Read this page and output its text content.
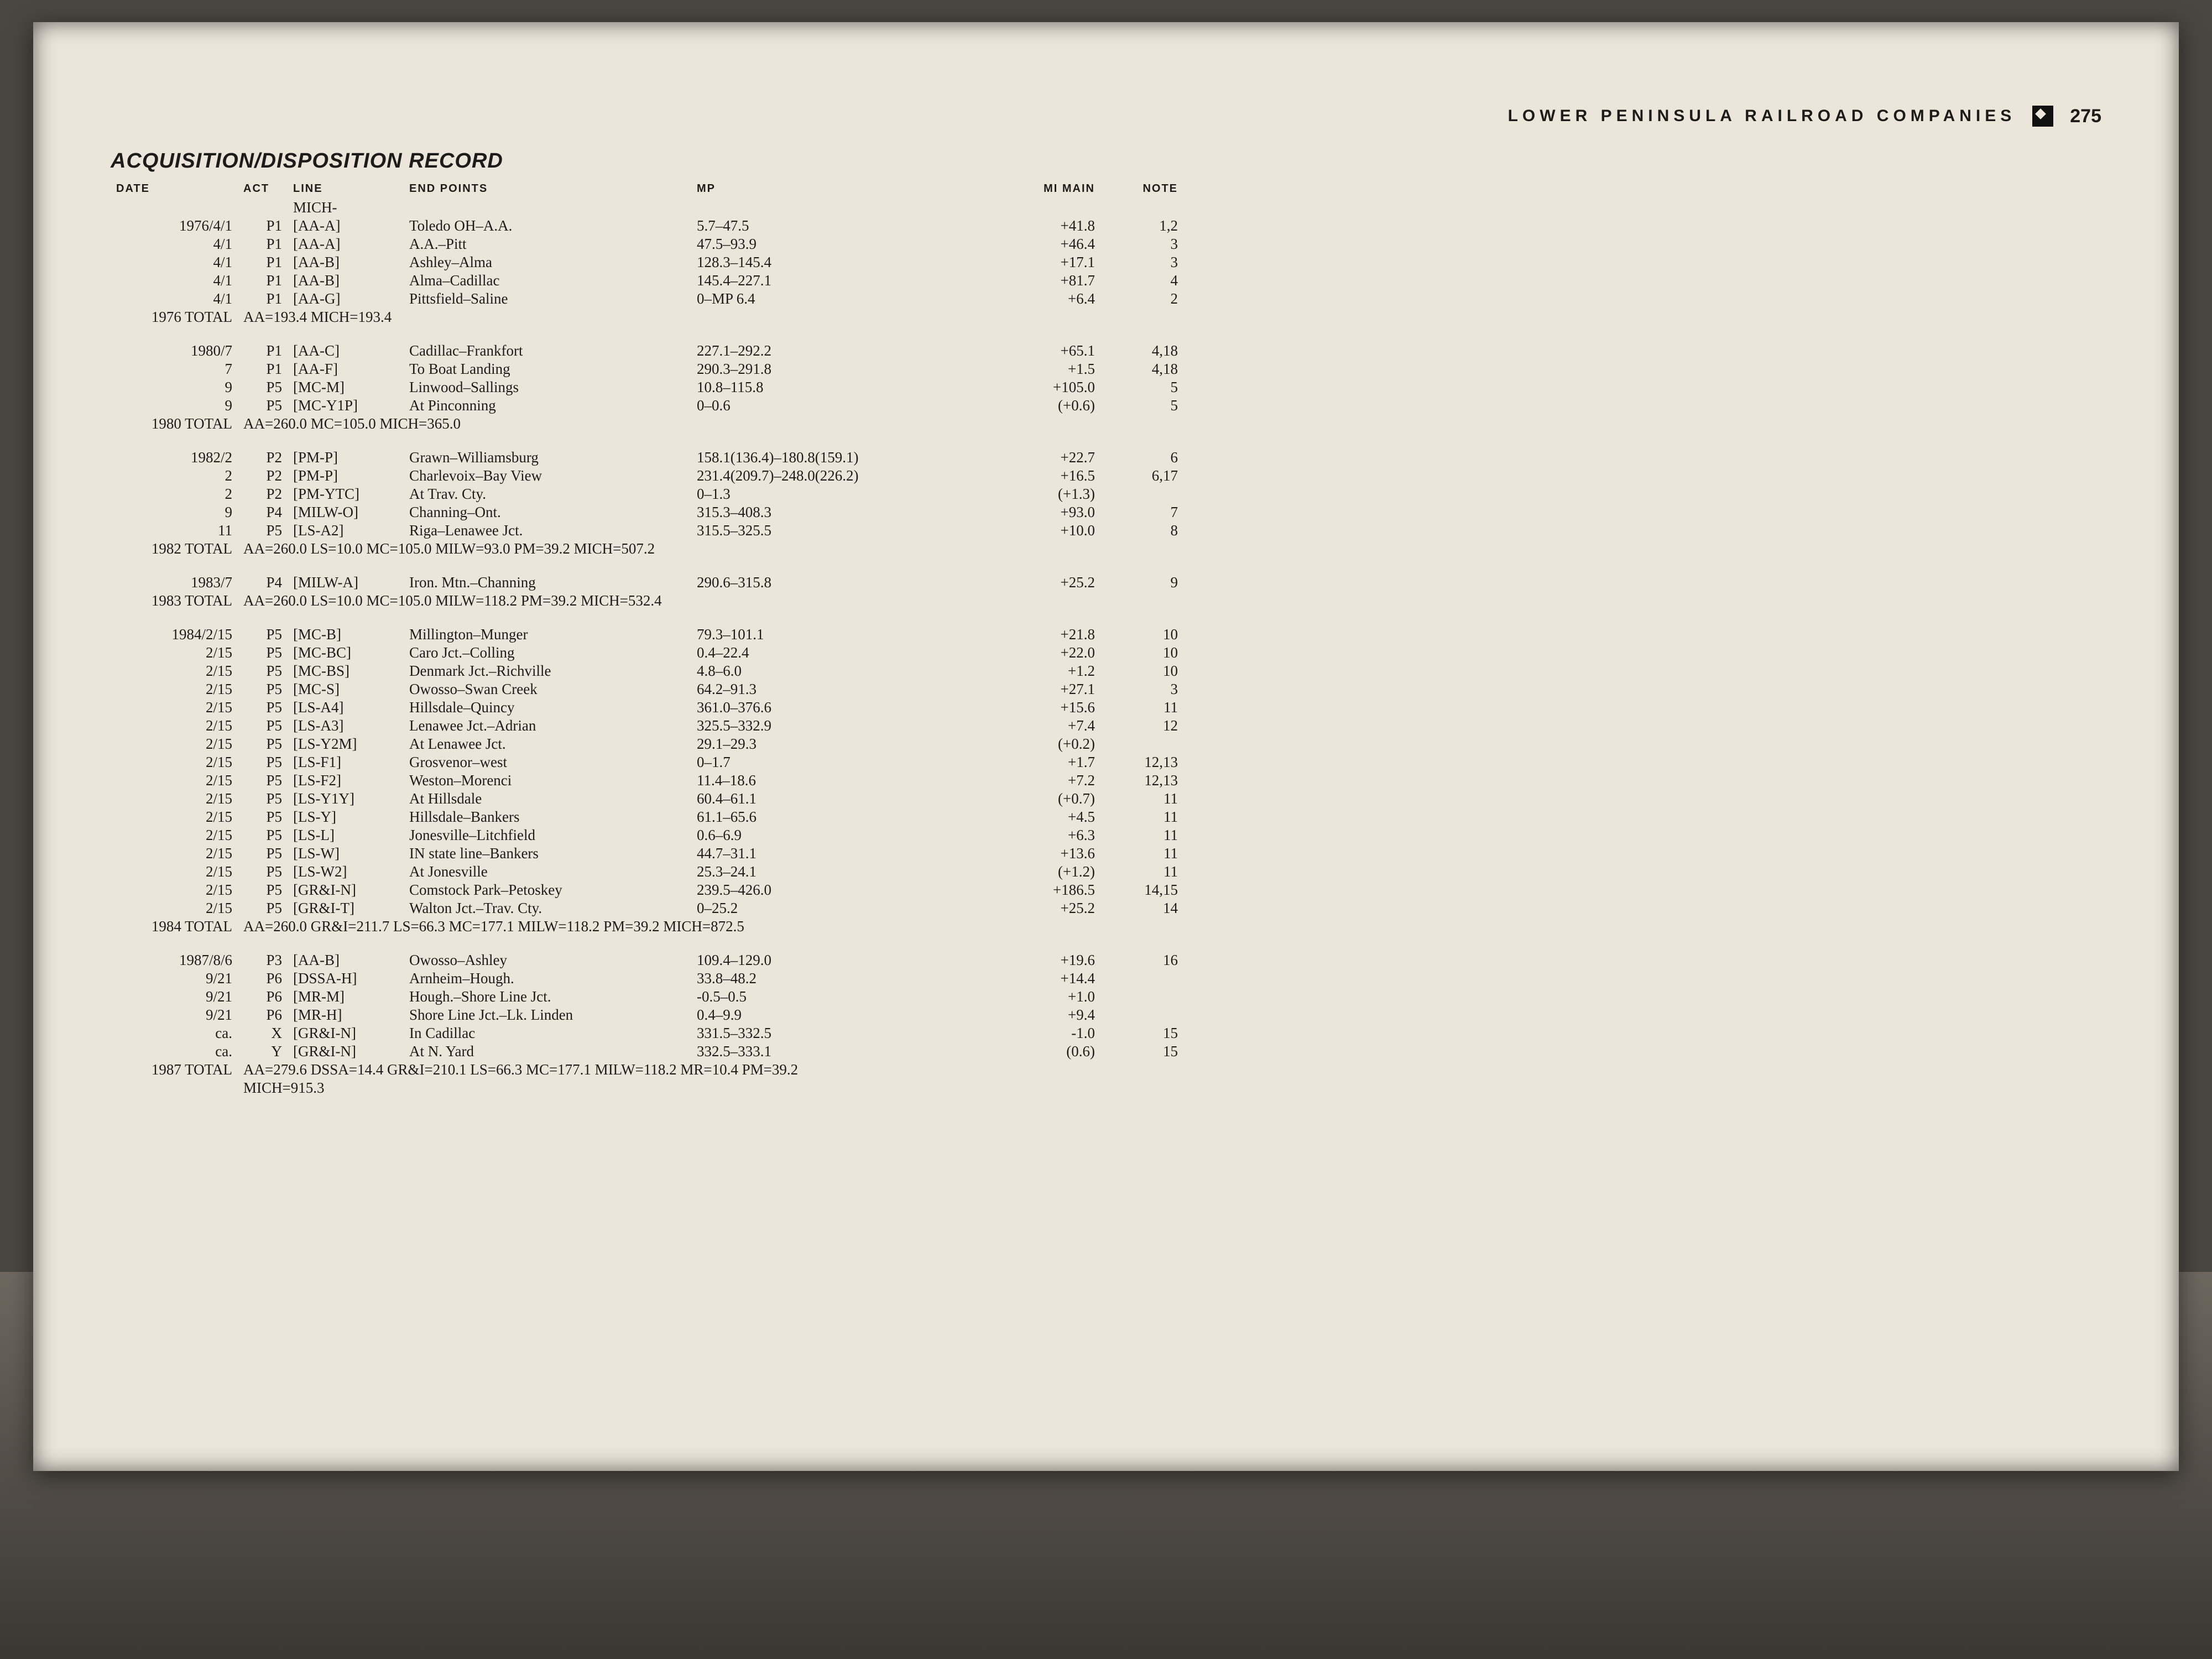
LOWER PENINSULA RAILROAD COMPANIES	275
ACQUISITION/DISPOSITION RECORD
DATE	ACT	LINE	END POINTS	MP	MI MAIN	NOTE	
		MICH-					
1976/4/1	P1	[AA-A]	Toledo OH–A.A.	5.7–47.5	+41.8	1,2	
4/1	P1	[AA-A]	A.A.–Pitt	47.5–93.9	+46.4	3	
4/1	P1	[AA-B]	Ashley–Alma	128.3–145.4	+17.1	3	
4/1	P1	[AA-B]	Alma–Cadillac	145.4–227.1	+81.7	4	
4/1	P1	[AA-G]	Pittsfield–Saline	0–MP 6.4	+6.4	2	
1976 TOTAL	AA=193.4 MICH=193.4						

1980/7	P1	[AA-C]	Cadillac–Frankfort	227.1–292.2	+65.1	4,18	
7	P1	[AA-F]	To Boat Landing	290.3–291.8	+1.5	4,18	
9	P5	[MC-M]	Linwood–Sallings	10.8–115.8	+105.0	5	
9	P5	[MC-Y1P]	At Pinconning	0–0.6	(+0.6)	5	
1980 TOTAL	AA=260.0 MC=105.0 MICH=365.0						

1982/2	P2	[PM-P]	Grawn–Williamsburg	158.1(136.4)–180.8(159.1)	+22.7	6	
2	P2	[PM-P]	Charlevoix–Bay View	231.4(209.7)–248.0(226.2)	+16.5	6,17	
2	P2	[PM-YTC]	At Trav. Cty.	0–1.3	(+1.3)		
9	P4	[MILW-O]	Channing–Ont.	315.3–408.3	+93.0	7	
11	P5	[LS-A2]	Riga–Lenawee Jct.	315.5–325.5	+10.0	8	
1982 TOTAL	AA=260.0 LS=10.0 MC=105.0 MILW=93.0 PM=39.2 MICH=507.2						

1983/7	P4	[MILW-A]	Iron. Mtn.–Channing	290.6–315.8	+25.2	9	
1983 TOTAL	AA=260.0 LS=10.0 MC=105.0 MILW=118.2 PM=39.2 MICH=532.4						

1984/2/15	P5	[MC-B]	Millington–Munger	79.3–101.1	+21.8	10	
2/15	P5	[MC-BC]	Caro Jct.–Colling	0.4–22.4	+22.0	10	
2/15	P5	[MC-BS]	Denmark Jct.–Richville	4.8–6.0	+1.2	10	
2/15	P5	[MC-S]	Owosso–Swan Creek	64.2–91.3	+27.1	3	
2/15	P5	[LS-A4]	Hillsdale–Quincy	361.0–376.6	+15.6	11	
2/15	P5	[LS-A3]	Lenawee Jct.–Adrian	325.5–332.9	+7.4	12	
2/15	P5	[LS-Y2M]	At Lenawee Jct.	29.1–29.3	(+0.2)		
2/15	P5	[LS-F1]	Grosvenor–west	0–1.7	+1.7	12,13	
2/15	P5	[LS-F2]	Weston–Morenci	11.4–18.6	+7.2	12,13	
2/15	P5	[LS-Y1Y]	At Hillsdale	60.4–61.1	(+0.7)	11	
2/15	P5	[LS-Y]	Hillsdale–Bankers	61.1–65.6	+4.5	11	
2/15	P5	[LS-L]	Jonesville–Litchfield	0.6–6.9	+6.3	11	
2/15	P5	[LS-W]	IN state line–Bankers	44.7–31.1	+13.6	11	
2/15	P5	[LS-W2]	At Jonesville	25.3–24.1	(+1.2)	11	
2/15	P5	[GR&I-N]	Comstock Park–Petoskey	239.5–426.0	+186.5	14,15	
2/15	P5	[GR&I-T]	Walton Jct.–Trav. Cty.	0–25.2	+25.2	14	
1984 TOTAL	AA=260.0 GR&I=211.7 LS=66.3 MC=177.1 MILW=118.2 PM=39.2 MICH=872.5						

1987/8/6	P3	[AA-B]	Owosso–Ashley	109.4–129.0	+19.6	16	
9/21	P6	[DSSA-H]	Arnheim–Hough.	33.8–48.2	+14.4		
9/21	P6	[MR-M]	Hough.–Shore Line Jct.	-0.5–0.5	+1.0		
9/21	P6	[MR-H]	Shore Line Jct.–Lk. Linden	0.4–9.9	+9.4		
ca.	X	[GR&I-N]	In Cadillac	331.5–332.5	-1.0	15	
ca.	Y	[GR&I-N]	At N. Yard	332.5–333.1	(0.6)	15	
1987 TOTAL	AA=279.6 DSSA=14.4 GR&I=210.1 LS=66.3 MC=177.1 MILW=118.2 MR=10.4 PM=39.2						
	MICH=915.3						
